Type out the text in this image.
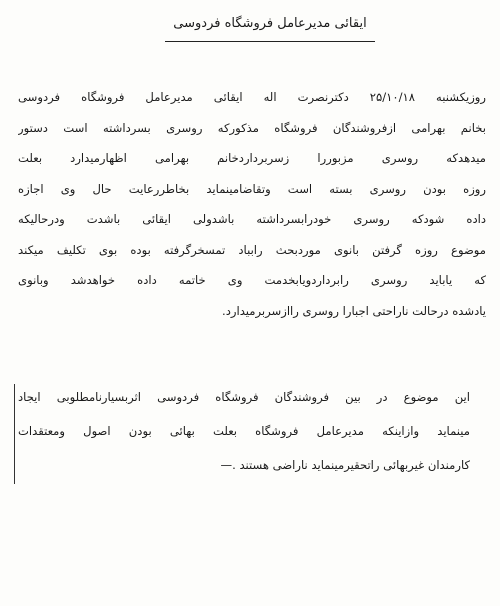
ایقائی مدیرعامل فروشگاه فردوسی
روزیکشنبه ۲۵/۱۰/۱۸ دکترنصرت اله ایقائی مدیرعامل فروشگاه فردوسی
بخانم بهرامی ازفروشندگان فروشگاه مذکورکه روسری بسرداشته است دستور
میدهدکه روسری مزبوررا زسربرداردخانم بهرامی اظهارمیدارد بعلت
روزه بودن روسری بسته است وتقاضامینماید بخاطررعایت حال وی اجازه
داده شودکه روسری خودرابسرداشته باشدولی ایقائی باشدت ودرحالیکه
موضوع روزه گرفتن بانوی موردبحث رابباد تمسخرگرفته بوده بوی تکلیف میکند
که یاباید روسری رابرداردویابخدمت وی خاتمه داده خواهدشد وبانوی
یادشده درحالت ناراحتی اجبارا روسری راازسربرمیدارد.
این موضوع در بین فروشندگان فروشگاه فردوسی اثربسیارنامطلوبی ایجاد
مینماید وازاینکه مدیرعامل فروشگاه بعلت بهائی بودن اصول ومعتقدات
کارمندان غیربهائی راتحقیرمینماید ناراضی هستند .—
